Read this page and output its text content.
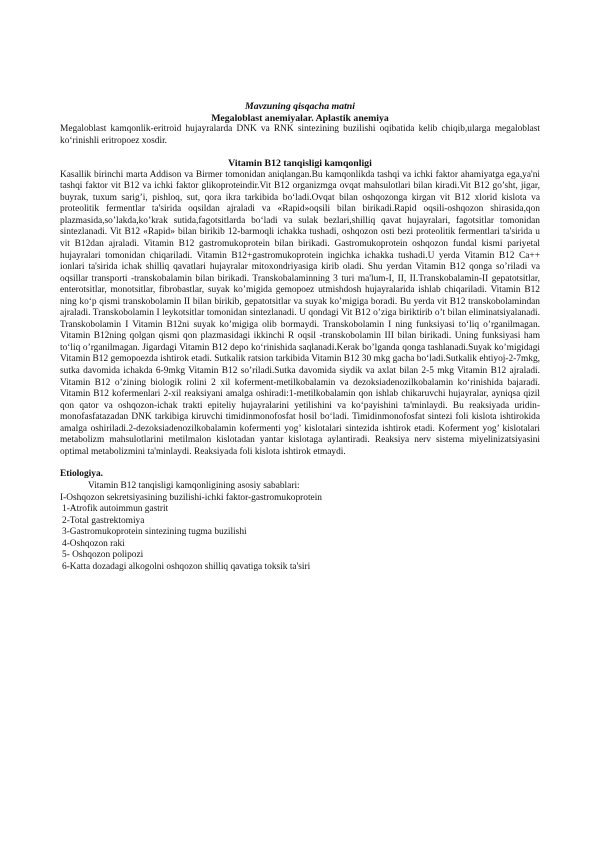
Mavzuning qisqacha matni

Megaloblast anemiyalar. Aplastik anemiya

Megaloblast kamqonlik-eritroid hujayralarda DNK va RNK sintezining buzilishi oqibatida kelib chiqib,ularga megaloblast ko‘rinishli eritropoez xosdir.

Vitamin B12 tanqisligi kamqonligi

Kasallik birinchi marta Addison va Birmer tomonidan aniqlangan.Bu kamqonlikda tashqi va ichki faktor ahamiyatga ega,ya'ni tashqi faktor vit B12 va ichki faktor glikoproteindir.Vit B12 organizmga ovqat mahsulotlari bilan kiradi.Vit B12 go’sht, jigar, buyrak, tuxum sarig’i, pishloq, sut, qora ikra tarkibida bo‘ladi.Ovqat bilan oshqozonga kirgan vit B12 xlorid kislota va proteolitik fermentlar ta'sirida oqsildan ajraladi va «Rapid»oqsili bilan birikadi.Rapid oqsili-oshqozon shirasida,qon plazmasida,so’lakda,ko’krak sutida,fagotsitlarda bo‘ladi va sulak bezlari,shilliq qavat hujayralari, fagotsitlar tomonidan sintezlanadi. Vit B12 «Rapid» bilan birikib 12-barmoqli ichakka tushadi, oshqozon osti bezi proteolitik fermentlari ta'sirida u vit B12dan ajraladi. Vitamin B12 gastromukoprotein bilan birikadi. Gastromukoprotein oshqozon fundal kismi pariyetal hujayralari tomonidan chiqariladi. Vitamin B12+gastromukoprotein ingichka ichakka tushadi.U yerda Vitamin B12 Ca++ ionlari ta'sirida ichak shilliq qavatlari hujayralar mitoxondriyasiga kirib oladi. Shu yerdan Vitamin B12 qonga so’riladi va oqsillar transporti -transkobalamin bilan birikadi. Transkobalaminning 3 turi ma'lum-I, II, II.Transkobalamin-II gepatotsitlar, enterotsitlar, monotsitlar, fibrobastlar, suyak ko’migida gemopoez utmishdosh hujayralarida ishlab chiqariladi. Vitamin B12 ning ko‘p qismi transkobolamin II bilan birikib, gepatotsitlar va suyak ko’migiga boradi. Bu yerda vit B12 transkobolamindan ajraladi. Transkobolamin I leykotsitlar tomonidan sintezlanadi. U qondagi Vit B12 o’ziga biriktirib o’t bilan eliminatsiyalanadi. Transkobolamin I Vitamin B12ni suyak ko’migiga olib bormaydi. Transkobolamin I ning funksiyasi to‘liq o’rganilmagan. Vitamin B12ning qolgan qismi qon plazmasidagi ikkinchi R oqsil -transkobolamin III bilan birikadi. Uning funksiyasi ham to‘liq o’rganilmagan. Jigardagi Vitamin B12 depo ko‘rinishida saqlanadi.Kerak bo’lganda qonga tashlanadi.Suyak ko’migidagi Vitamin B12 gemopoezda ishtirok etadi. Sutkalik ratsion tarkibida Vitamin B12 30 mkg gacha bo‘ladi.Sutkalik ehtiyoj-2-7mkg, sutka davomida ichakda 6-9mkg Vitamin B12 so’riladi.Sutka davomida siydik va axlat bilan 2-5 mkg Vitamin B12 ajraladi. Vitamin B12 o’zining biologik rolini 2 xil koferment-metilkobalamin va dezoksiadenozilkobalamin ko‘rinishida bajaradi. Vitamin B12 kofermenlari 2-xil reaksiyani amalga oshiradi:1-metilkobalamin qon ishlab chikaruvchi hujayralar, ayniqsa qizil qon qator va oshqozon-ichak trakti epiteliy hujayralarini yetilishini va ko‘payishini ta'minlaydi. Bu reaksiyada uridin-monofasfatazadan DNK tarkibiga kiruvchi timidinmonofosfat hosil bo‘ladi. Timidinmonofosfat sintezi foli kislota ishtirokida amalga oshiriladi.2-dezoksiadenozilkobalamin kofermenti yog’ kislotalari sintezida ishtirok etadi. Koferment yog’ kislotalari metabolizm mahsulotlarini metilmalon kislotadan yantar kislotaga aylantiradi. Reaksiya nerv sistema miyelinizatsiyasini optimal metabolizmini ta'minlaydi. Reaksiyada foli kislota ishtirok etmaydi.

Etiologiya.

Vitamin B12 tanqisligi kamqonligining asosiy sabablari:

I-Oshqozon sekretsiyasining buzilishi-ichki faktor-gastromukoprotein

1-Atrofik autoimmun gastrit

2-Total gastrektomiya

3-Gastromukoprotein sintezining tugma buzilishi

4-Oshqozon raki

5- Oshqozon polipozi

6-Katta dozadagi alkogolni oshqozon shilliq qavatiga toksik ta'siri
